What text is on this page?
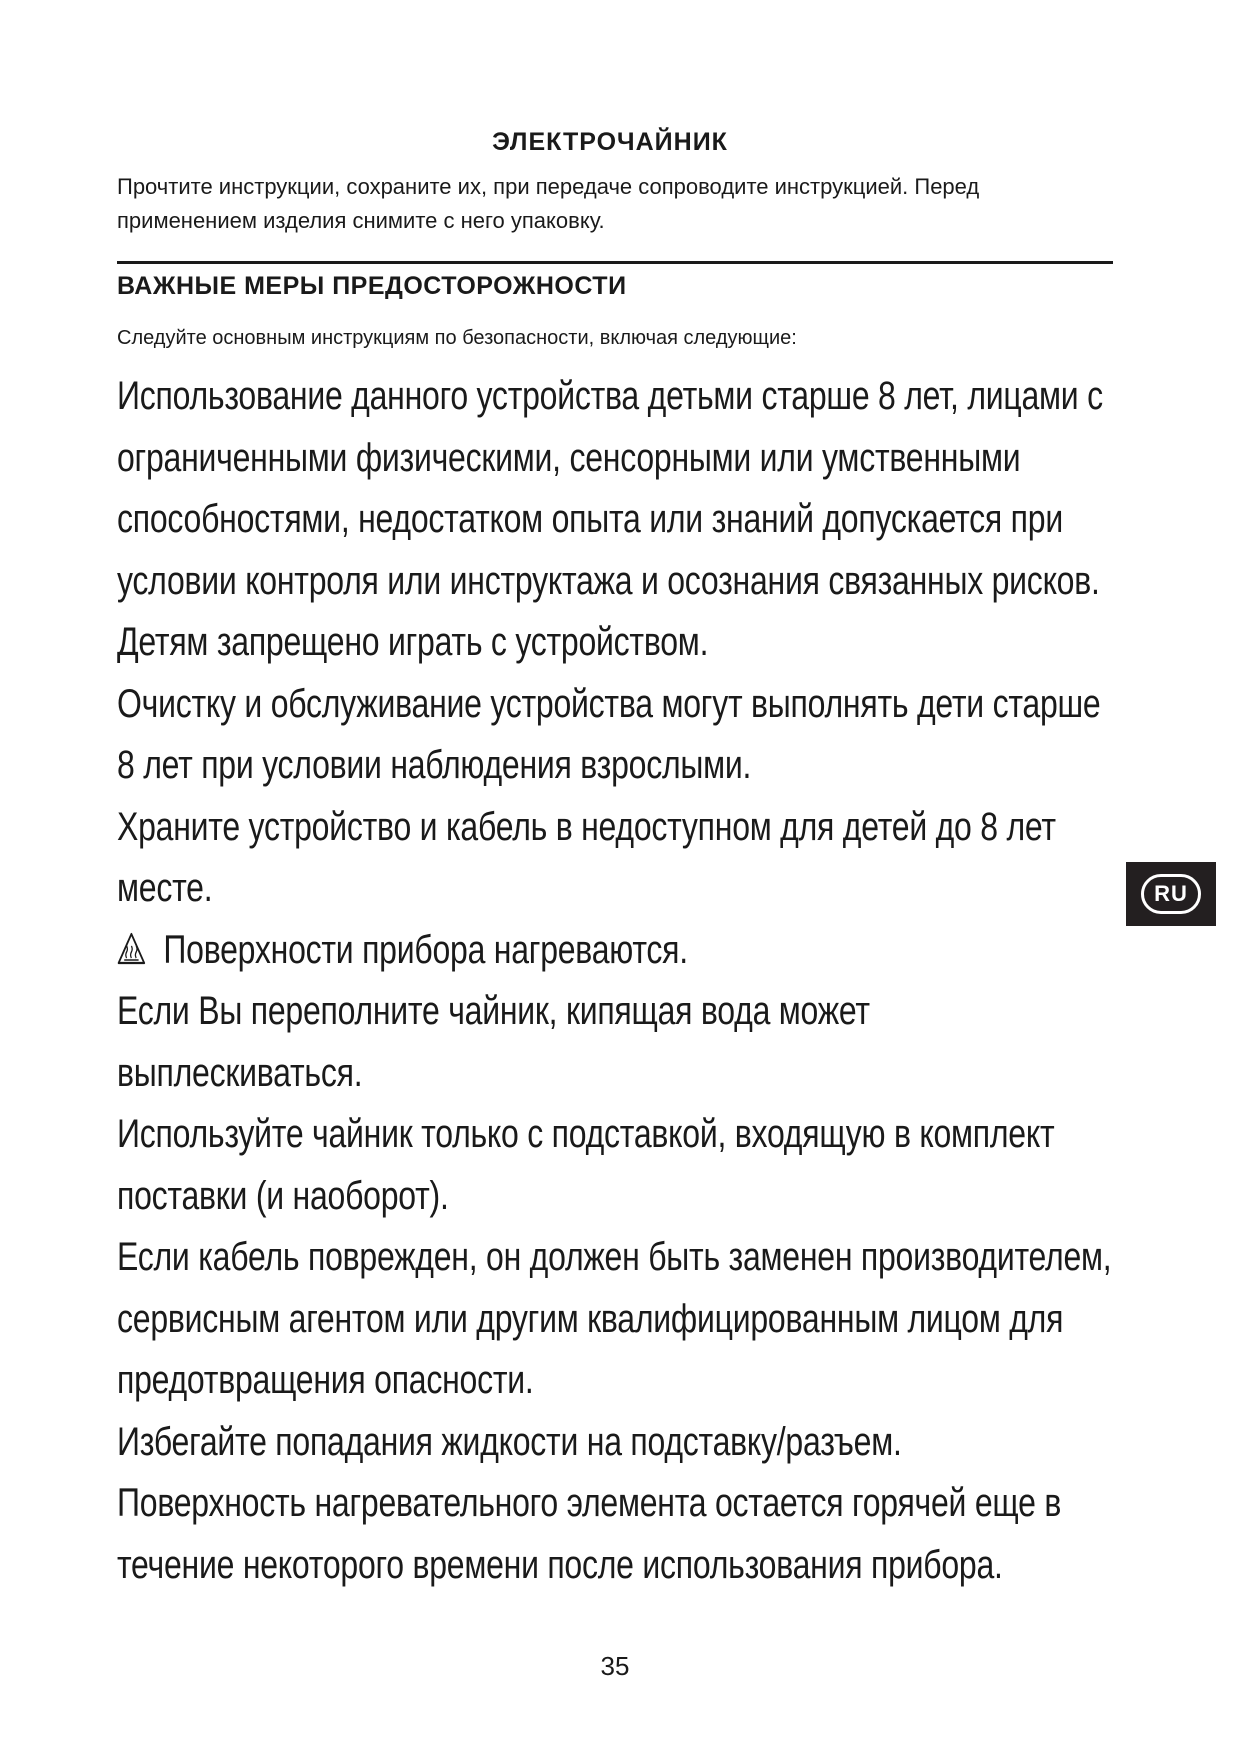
ЭЛЕКТРОЧАЙНИК
Прочтите инструкции, сохраните их, при передаче сопроводите инструкцией. Перед применением изделия снимите с него упаковку.
ВАЖНЫЕ МЕРЫ ПРЕДОСТОРОЖНОСТИ
Следуйте основным инструкциям по безопасности, включая следующие:

Использование данного устройства детьми старше 8 лет, лицами с ограниченными физическими, сенсорными или умственными способностями, недостатком опыта или знаний допускается при условии контроля или инструктажа и осознания связанных рисков. Детям запрещено играть с устройством.

Очистку и обслуживание устройства могут выполнять дети старше 8 лет при условии наблюдения взрослыми.

Храните устройство и кабель в недоступном для детей до 8 лет месте.

Поверхности прибора нагреваются.

Если Вы переполните чайник, кипящая вода может выплескиваться.

Используйте чайник только с подставкой, входящую в комплект поставки (и наоборот).

Если кабель поврежден, он должен быть заменен производителем, сервисным агентом или другим квалифицированным лицом для предотвращения опасности.

Избегайте попадания жидкости на подставку/разъем.

Поверхность нагревательного элемента остается горячей еще в течение некоторого времени после использования прибора.

RU
35
